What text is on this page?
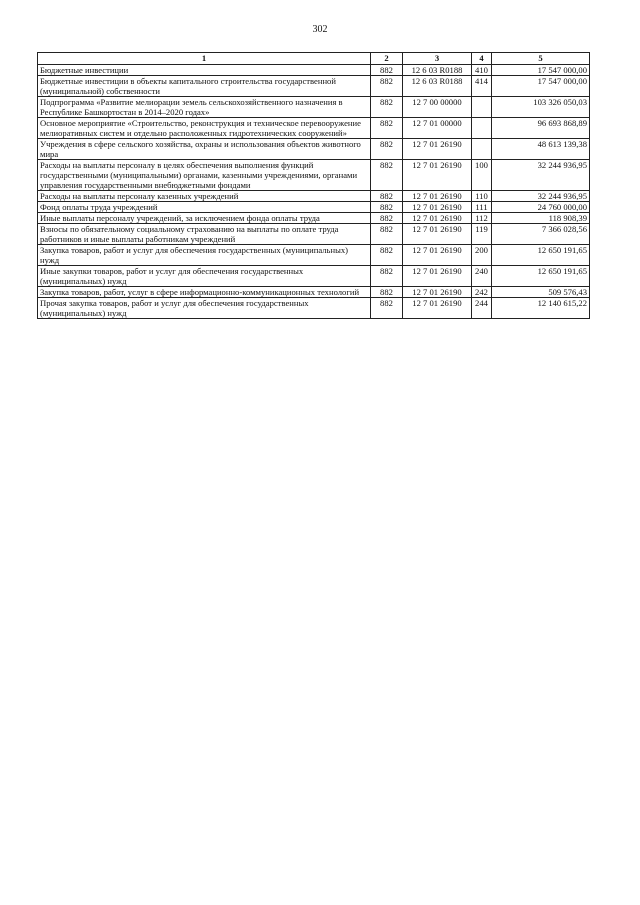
302
1	2	3	4	5
Бюджетные инвестиции	882	12 6 03 R0188	410	17 547 000,00
Бюджетные инвестиции в объекты капитального строительства государственной (муниципальной) собственности	882	12 6 03 R0188	414	17 547 000,00
Подпрограмма «Развитие мелиорации земель сельскохозяйственного назначения в Республике Башкортостан в 2014–2020 годах»	882	12 7 00 00000		103 326 050,03
Основное мероприятие «Строительство, реконструкция и техническое перевооружение мелиоративных систем и отдельно расположенных гидротехнических сооружений»	882	12 7 01 00000		96 693 868,89
Учреждения в сфере сельского хозяйства, охраны и использования объектов животного мира	882	12 7 01 26190		48 613 139,38
Расходы на выплаты персоналу в целях обеспечения выполнения функций государственными (муниципальными) органами, казенными учреждениями, органами управления государственными внебюджетными фондами	882	12 7 01 26190	100	32 244 936,95
Расходы на выплаты персоналу казенных учреждений	882	12 7 01 26190	110	32 244 936,95
Фонд оплаты труда учреждений	882	12 7 01 26190	111	24 760 000,00
Иные выплаты персоналу учреждений, за исключением фонда оплаты труда	882	12 7 01 26190	112	118 908,39
Взносы по обязательному социальному страхованию на выплаты по оплате труда работников и иные выплаты работникам учреждений	882	12 7 01 26190	119	7 366 028,56
Закупка товаров, работ и услуг для обеспечения государственных (муниципальных) нужд	882	12 7 01 26190	200	12 650 191,65
Иные закупки товаров, работ и услуг для обеспечения государственных (муниципальных) нужд	882	12 7 01 26190	240	12 650 191,65
Закупка товаров, работ, услуг в сфере информационно-коммуникационных технологий	882	12 7 01 26190	242	509 576,43
Прочая закупка товаров, работ и услуг для обеспечения государственных (муниципальных) нужд	882	12 7 01 26190	244	12 140 615,22
